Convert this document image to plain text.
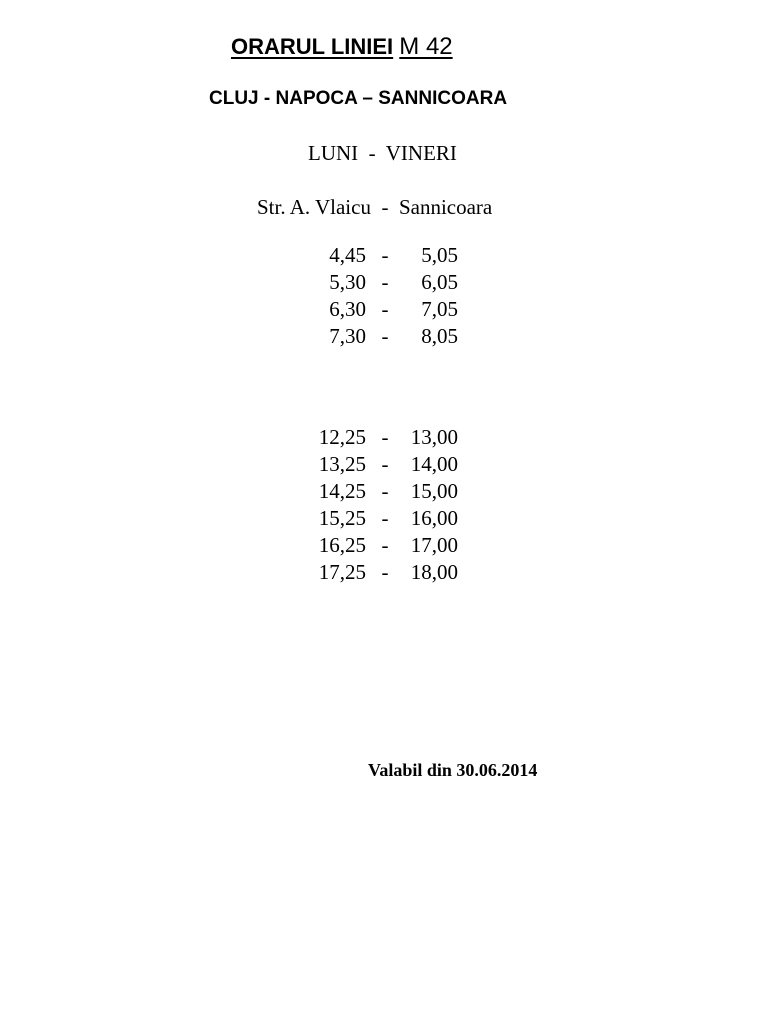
ORARUL LINIEI M 42
CLUJ - NAPOCA – SANNICOARA
LUNI  -  VINERI
Str. A. Vlaicu  -  Sannicoara
4,45 - 5,05
5,30 - 6,05
6,30 - 7,05
7,30 - 8,05
12,25 - 13,00
13,25 - 14,00
14,25 - 15,00
15,25 - 16,00
16,25 - 17,00
17,25 - 18,00
Valabil din 30.06.2014
